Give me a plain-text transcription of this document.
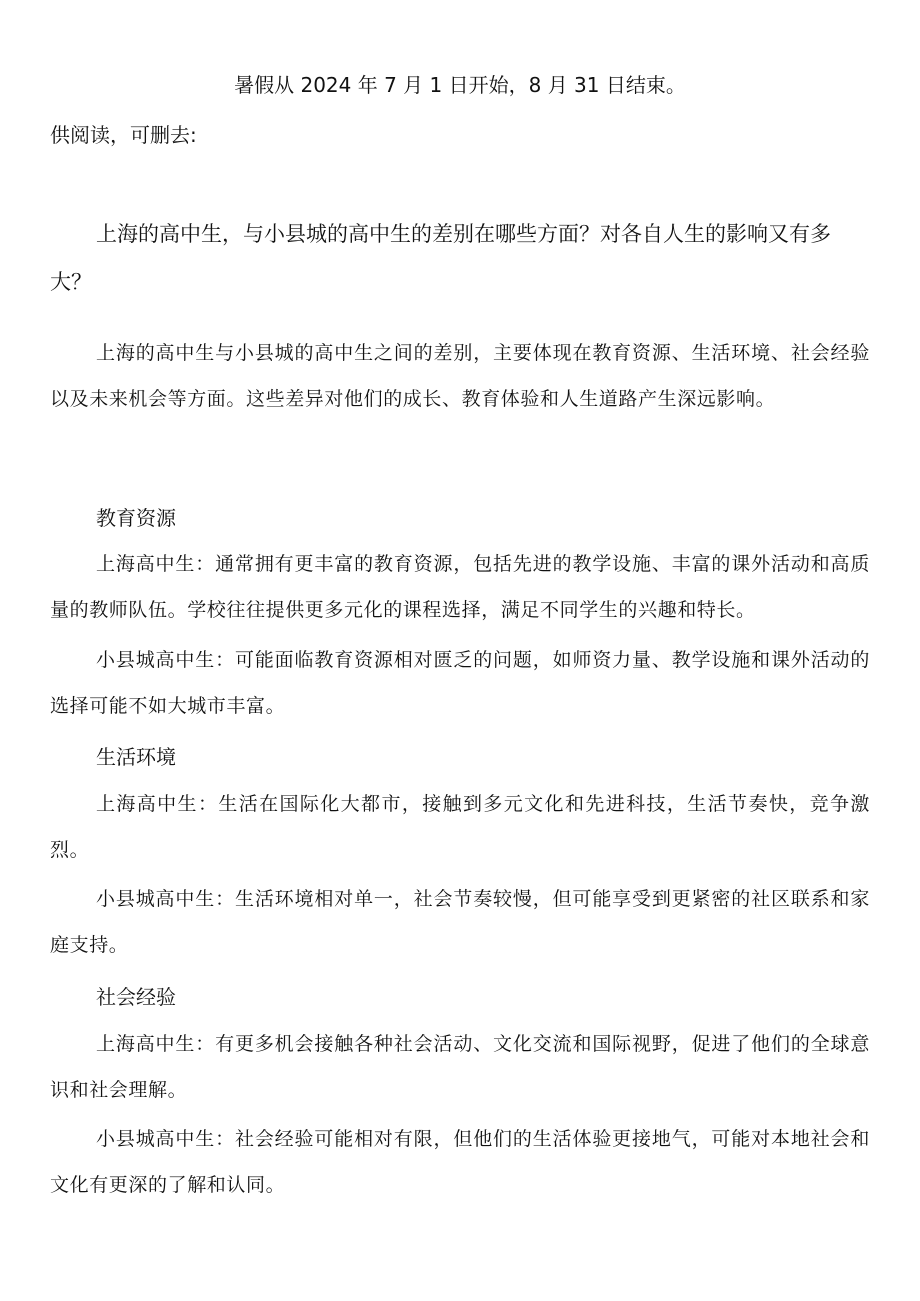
暑假从 2024 年 7 月 1 日开始，8 月 31 日结束。
供阅读，可删去:
上海的高中生，与小县城的高中生的差别在哪些方面？对各自人生的影响又有多大？

上海的高中生与小县城的高中生之间的差别，主要体现在教育资源、生活环境、社会经验以及未来机会等方面。这些差异对他们的成长、教育体验和人生道路产生深远影响。

教育资源

上海高中生：通常拥有更丰富的教育资源，包括先进的教学设施、丰富的课外活动和高质量的教师队伍。学校往往提供更多元化的课程选择，满足不同学生的兴趣和特长。

小县城高中生：可能面临教育资源相对匮乏的问题，如师资力量、教学设施和课外活动的选择可能不如大城市丰富。

生活环境

上海高中生：生活在国际化大都市，接触到多元文化和先进科技，生活节奏快，竞争激烈。

小县城高中生：生活环境相对单一，社会节奏较慢，但可能享受到更紧密的社区联系和家庭支持。

社会经验

上海高中生：有更多机会接触各种社会活动、文化交流和国际视野，促进了他们的全球意识和社会理解。

小县城高中生：社会经验可能相对有限，但他们的生活体验更接地气，可能对本地社会和文化有更深的了解和认同。
